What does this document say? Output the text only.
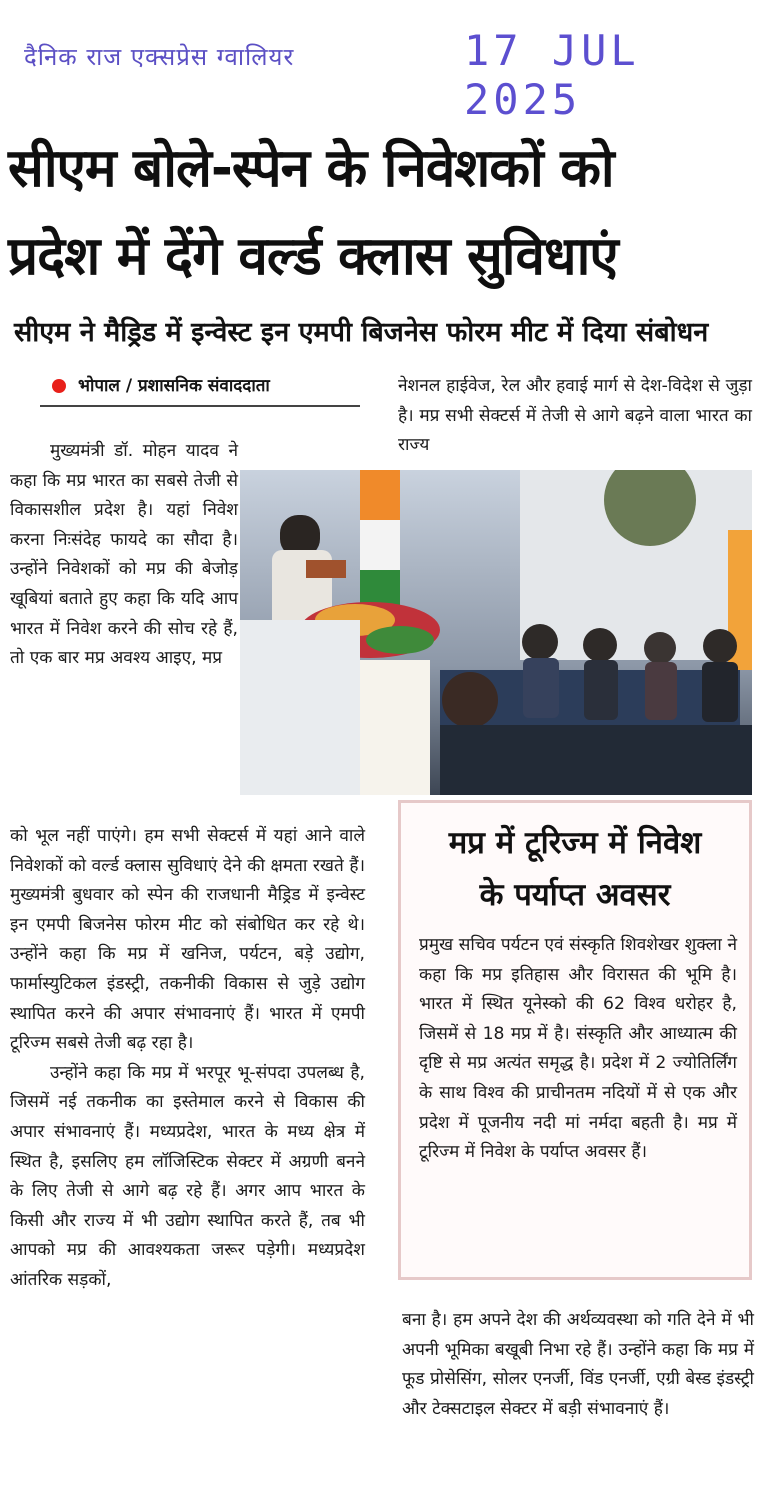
दैनिक राज एक्सप्रेस ग्वालियर	17 JUL 2025
सीएम बोले-स्पेन के निवेशकों को
प्रदेश में देंगे वर्ल्ड क्लास सुविधाएं
सीएम ने मैड्रिड में इन्वेस्ट इन एमपी बिजनेस फोरम मीट में दिया संबोधन
भोपाल / प्रशासनिक संवाददाता

मुख्यमंत्री डॉ. मोहन यादव ने कहा कि मप्र भारत का सबसे तेजी से विकासशील प्रदेश है। यहां निवेश करना निःसंदेह फायदे का सौदा है। उन्होंने निवेशकों को मप्र की बेजोड़ खूबियां बताते हुए कहा कि यदि आप भारत में निवेश करने की सोच रहे हैं, तो एक बार मप्र अवश्य आइए, मप्र

को भूल नहीं पाएंगे। हम सभी सेक्टर्स में यहां आने वाले निवेशकों को वर्ल्ड क्लास सुविधाएं देने की क्षमता रखते हैं। मुख्यमंत्री बुधवार को स्पेन की राजधानी मैड्रिड में इन्वेस्ट इन एमपी बिजनेस फोरम मीट को संबोधित कर रहे थे। उन्होंने कहा कि मप्र में खनिज, पर्यटन, बड़े उद्योग, फार्मास्युटिकल इंडस्ट्री, तकनीकी विकास से जुड़े उद्योग स्थापित करने की अपार संभावनाएं हैं। भारत में एमपी टूरिज्म सबसे तेजी बढ़ रहा है।

उन्होंने कहा कि मप्र में भरपूर भू-संपदा उपलब्ध है, जिसमें नई तकनीक का इस्तेमाल करने से विकास की अपार संभावनाएं हैं। मध्यप्रदेश, भारत के मध्य क्षेत्र में स्थित है, इसलिए हम लॉजिस्टिक सेक्टर में अग्रणी बनने के लिए तेजी से आगे बढ़ रहे हैं। अगर आप भारत के किसी और राज्य में भी उद्योग स्थापित करते हैं, तब भी आपको मप्र की आवश्यकता जरूर पड़ेगी। मध्यप्रदेश आंतरिक सड़कों,

नेशनल हाईवेज, रेल और हवाई मार्ग से देश-विदेश से जुड़ा है। मप्र सभी सेक्टर्स में तेजी से आगे बढ़ने वाला भारत का राज्य

मप्र में टूरिज्म में निवेश
के पर्याप्त अवसर
प्रमुख सचिव पर्यटन एवं संस्कृति शिवशेखर शुक्ला ने कहा कि मप्र इतिहास और विरासत की भूमि है। भारत में स्थित यूनेस्को की 62 विश्व धरोहर है, जिसमें से 18 मप्र में है। संस्कृति और आध्यात्म की दृष्टि से मप्र अत्यंत समृद्ध है। प्रदेश में 2 ज्योतिर्लिंग के साथ विश्व की प्राचीनतम नदियों में से एक और प्रदेश में पूजनीय नदी मां नर्मदा बहती है। मप्र में टूरिज्म में निवेश के पर्याप्त अवसर हैं।

बना है। हम अपने देश की अर्थव्यवस्था को गति देने में भी अपनी भूमिका बखूबी निभा रहे हैं। उन्होंने कहा कि मप्र में फूड प्रोसेसिंग, सोलर एनर्जी, विंड एनर्जी, एग्री बेस्ड इंडस्ट्री और टेक्सटाइल सेक्टर में बड़ी संभावनाएं हैं।
